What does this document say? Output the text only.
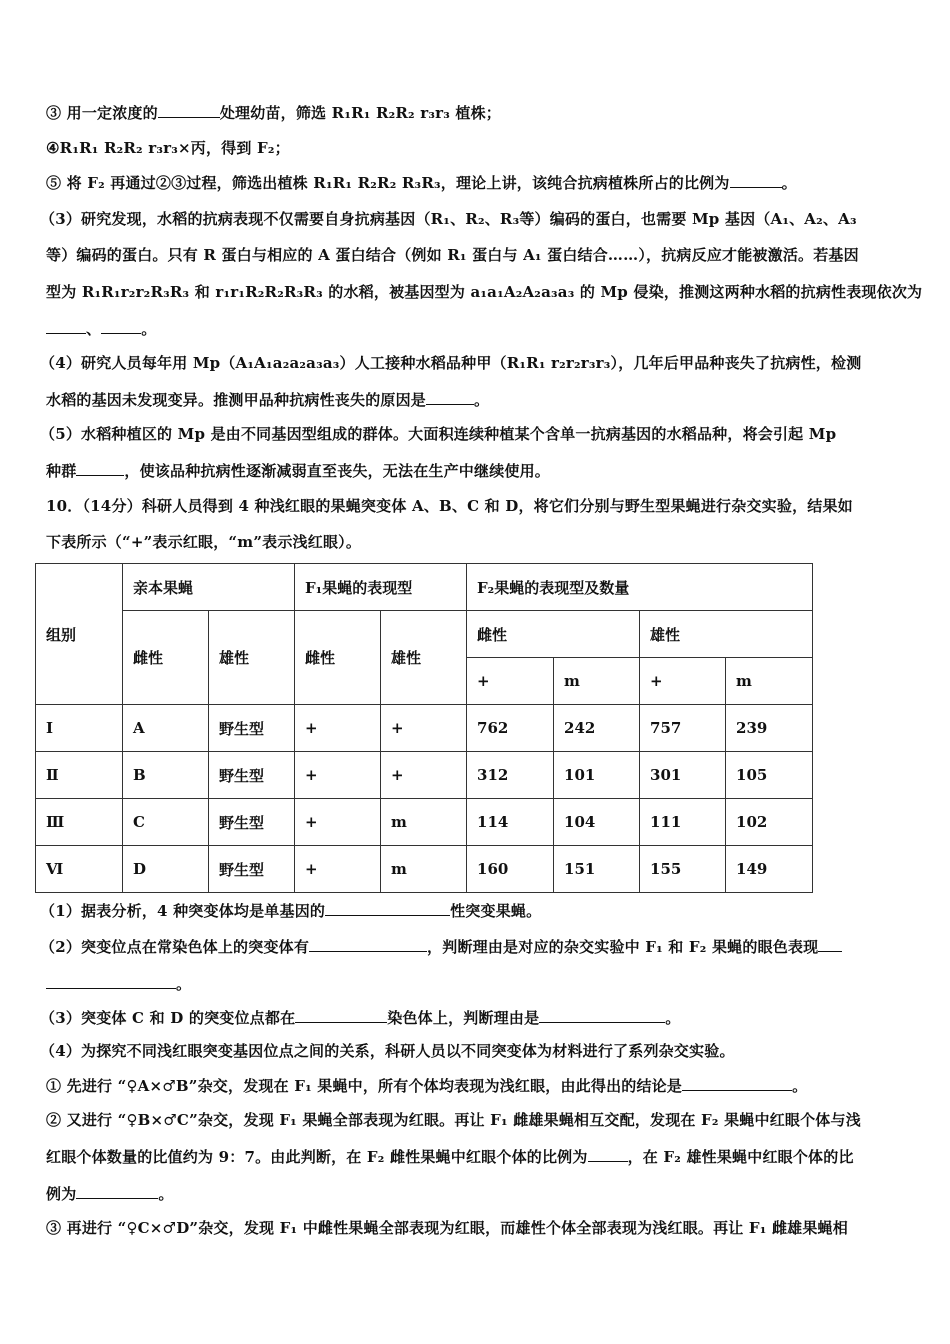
③ 用一定浓度的	处理幼苗，筛选 R₁R₁ R₂R₂ r₃r₃ 植株；
④R₁R₁ R₂R₂ r₃r₃×丙，得到 F₂；
⑤ 将 F₂ 再通过②③过程，筛选出植株 R₁R₁ R₂R₂ R₃R₃，理论上讲，该纯合抗病植株所占的比例为	。
（3）研究发现，水稻的抗病表现不仅需要自身抗病基因（R₁、R₂、R₃等）编码的蛋白，也需要 Mp 基因（A₁、A₂、A₃
等）编码的蛋白。只有 R 蛋白与相应的 A 蛋白结合（例如 R₁ 蛋白与 A₁ 蛋白结合……），抗病反应才能被激活。若基因
型为 R₁R₁r₂r₂R₃R₃ 和 r₁r₁R₂R₂R₃R₃ 的水稻，被基因型为 a₁a₁A₂A₂a₃a₃ 的 Mp 侵染，推测这两种水稻的抗病性表现依次为
、	。
（4）研究人员每年用 Mp（A₁A₁a₂a₂a₃a₃）人工接种水稻品种甲（R₁R₁ r₂r₂r₃r₃），几年后甲品种丧失了抗病性，检测
水稻的基因未发现变异。推测甲品种抗病性丧失的原因是	。
（5）水稻种植区的 Mp 是由不同基因型组成的群体。大面积连续种植某个含单一抗病基因的水稻品种，将会引起 Mp
种群	，使该品种抗病性逐渐减弱直至丧失，无法在生产中继续使用。
10．（14分）科研人员得到 4 种浅红眼的果蝇突变体 A、B、C 和 D，将它们分别与野生型果蝇进行杂交实验，结果如
下表所示（“+”表示红眼，“m”表示浅红眼）。
组别	亲本果蝇		F₁果蝇的表现型		F₂果蝇的表现型及数量			
	雌性	雄性	雌性	雄性	雌性		雄性	
					+	m	+	m
Ⅰ	A	野生型	+	+	762	242	757	239
Ⅱ	B	野生型	+	+	312	101	301	105
Ⅲ	C	野生型	+	m	114	104	111	102
Ⅵ	D	野生型	+	m	160	151	155	149
（1）据表分析，4 种突变体均是单基因的	性突变果蝇。
（2）突变位点在常染色体上的突变体有	，判断理由是对应的杂交实验中 F₁ 和 F₂ 果蝇的眼色表现
。
（3）突变体 C 和 D 的突变位点都在	染色体上，判断理由是	。
（4）为探究不同浅红眼突变基因位点之间的关系，科研人员以不同突变体为材料进行了系列杂交实验。
① 先进行 “♀A×♂B”杂交，发现在 F₁ 果蝇中，所有个体均表现为浅红眼，由此得出的结论是	。
② 又进行 “♀B×♂C”杂交，发现 F₁ 果蝇全部表现为红眼。再让 F₁ 雌雄果蝇相互交配，发现在 F₂ 果蝇中红眼个体与浅
红眼个体数量的比值约为 9：7。由此判断，在 F₂ 雌性果蝇中红眼个体的比例为	，在 F₂ 雄性果蝇中红眼个体的比
例为	。
③ 再进行 “♀C×♂D”杂交，发现 F₁ 中雌性果蝇全部表现为红眼，而雄性个体全部表现为浅红眼。再让 F₁ 雌雄果蝇相
